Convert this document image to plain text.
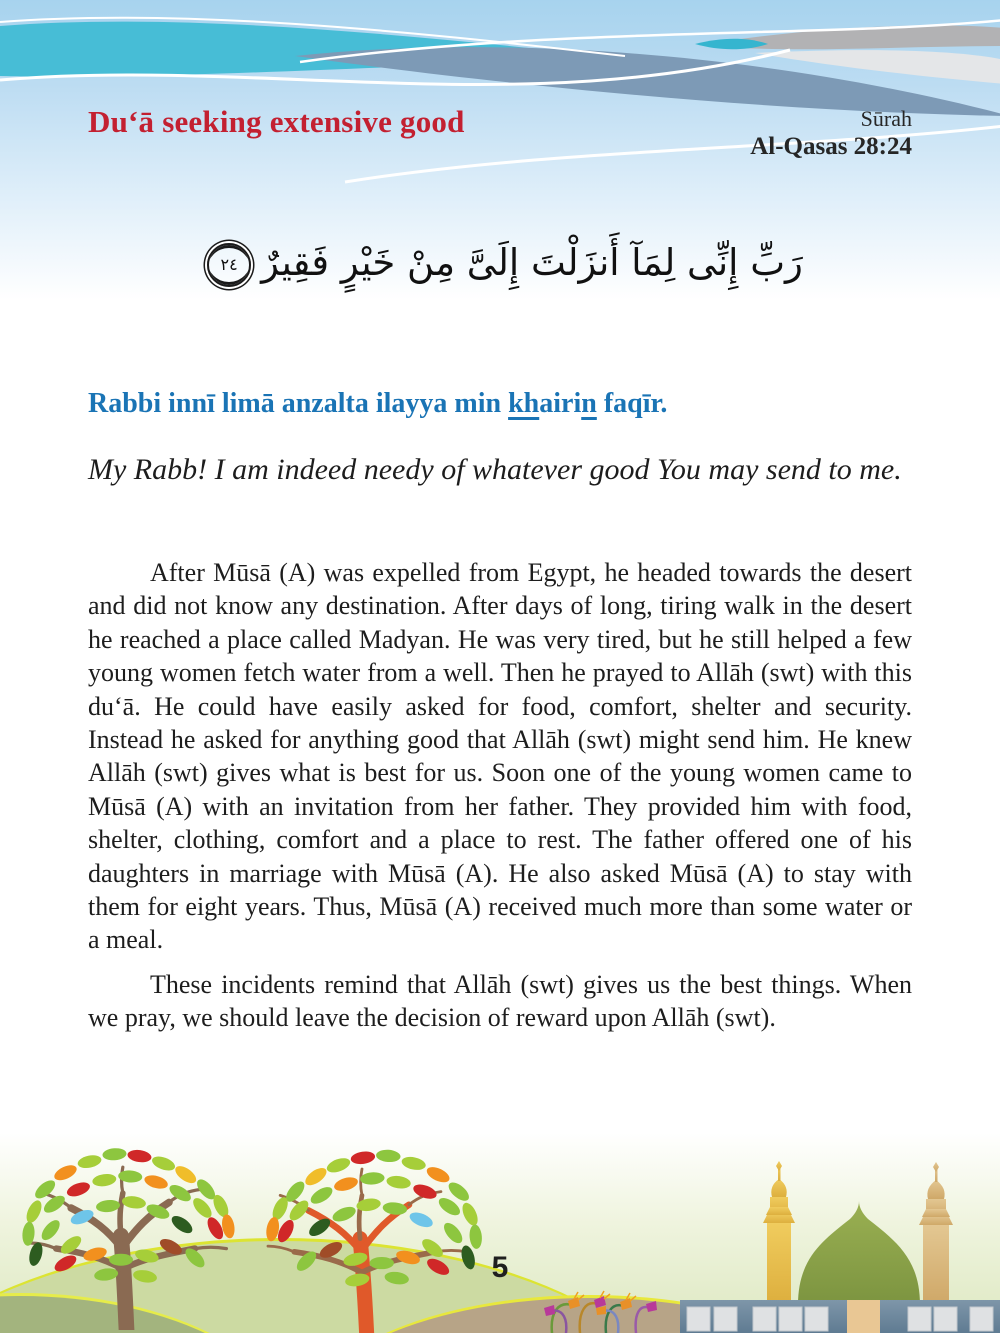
Du‘ā seeking extensive good	Sūrah
Al-Qasas 28:24
رَبِّ إِنِّى لِمَآ أَنزَلْتَ إِلَىَّ مِنْ خَيْرٍ فَقِيرٌ٢٤
Rabbi innī limā anzalta ilayya min khairin faqīr.
My Rabb! I am indeed needy of whatever good You may send to me.

After Mūsā (A) was expelled from Egypt, he headed towards the desert and did not know any destination. After days of long, tiring walk in the desert he reached a place called Madyan. He was very tired, but he still helped a few young women fetch water from a well. Then he prayed to Allāh (swt) with this du‘ā. He could have easily asked for food, comfort, shelter and security. Instead he asked for anything good that Allāh (swt) might send him. He knew Allāh (swt) gives what is best for us. Soon one of the young women came to Mūsā (A) with an invitation from her father. They provided him with food, shelter, clothing, comfort and a place to rest. The father offered one of his daughters in marriage with Mūsā (A). He also asked Mūsā (A) to stay with them for eight years. Thus, Mūsā (A) received much more than some water or a meal.

These incidents remind that Allāh (swt) gives us the best things. When we pray, we should leave the decision of reward upon Allāh (swt).

5
